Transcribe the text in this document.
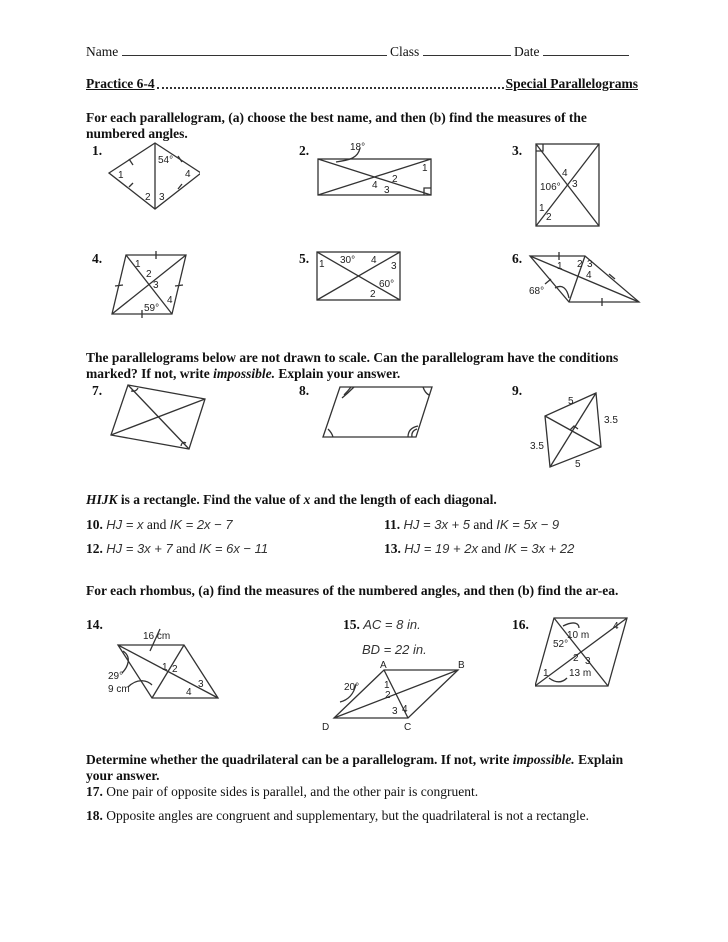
Name	Class	Date
Practice 6-4	Special Parallelograms
For each parallelogram, (a) choose the best name, and then (b) find the measures of the numbered angles.
1.
54°
1
2 3
4
2.	18°
1
2
4 3
3.
4
106° 3
1
2
4.	1
2
3
4
59°
5. 1 30° 4
3
60°
2
6.
1 2 3
4
68°
The parallelograms below are not drawn to scale. Can the parallelogram have the conditions marked? If not, write impossible. Explain your answer.
7.	8.	9.
5
3.5
3.5
5
HIJK is a rectangle. Find the value of x and the length of each diagonal.
10. HJ = x and IK = 2x − 7	11. HJ = 3x + 5 and IK = 5x − 9
12. HJ = 3x + 7 and IK = 6x − 11	13. HJ = 19 + 2x and IK = 3x + 22
For each rhombus, (a) find the measures of the numbered angles, and then (b) find the ar-ea.
14.
16 cm
29°
9 cm
1 2
3
4
15. AC = 8 in.
BD = 22 in.
A	B
C
D
20° 1
2
3 4
16.
10 m
52°
2 3
4
1 13 m
Determine whether the quadrilateral can be a parallelogram. If not, write impossible. Explain your answer.
17. One pair of opposite sides is parallel, and the other pair is congruent.
18. Opposite angles are congruent and supplementary, but the quadrilateral is not a rectangle.
